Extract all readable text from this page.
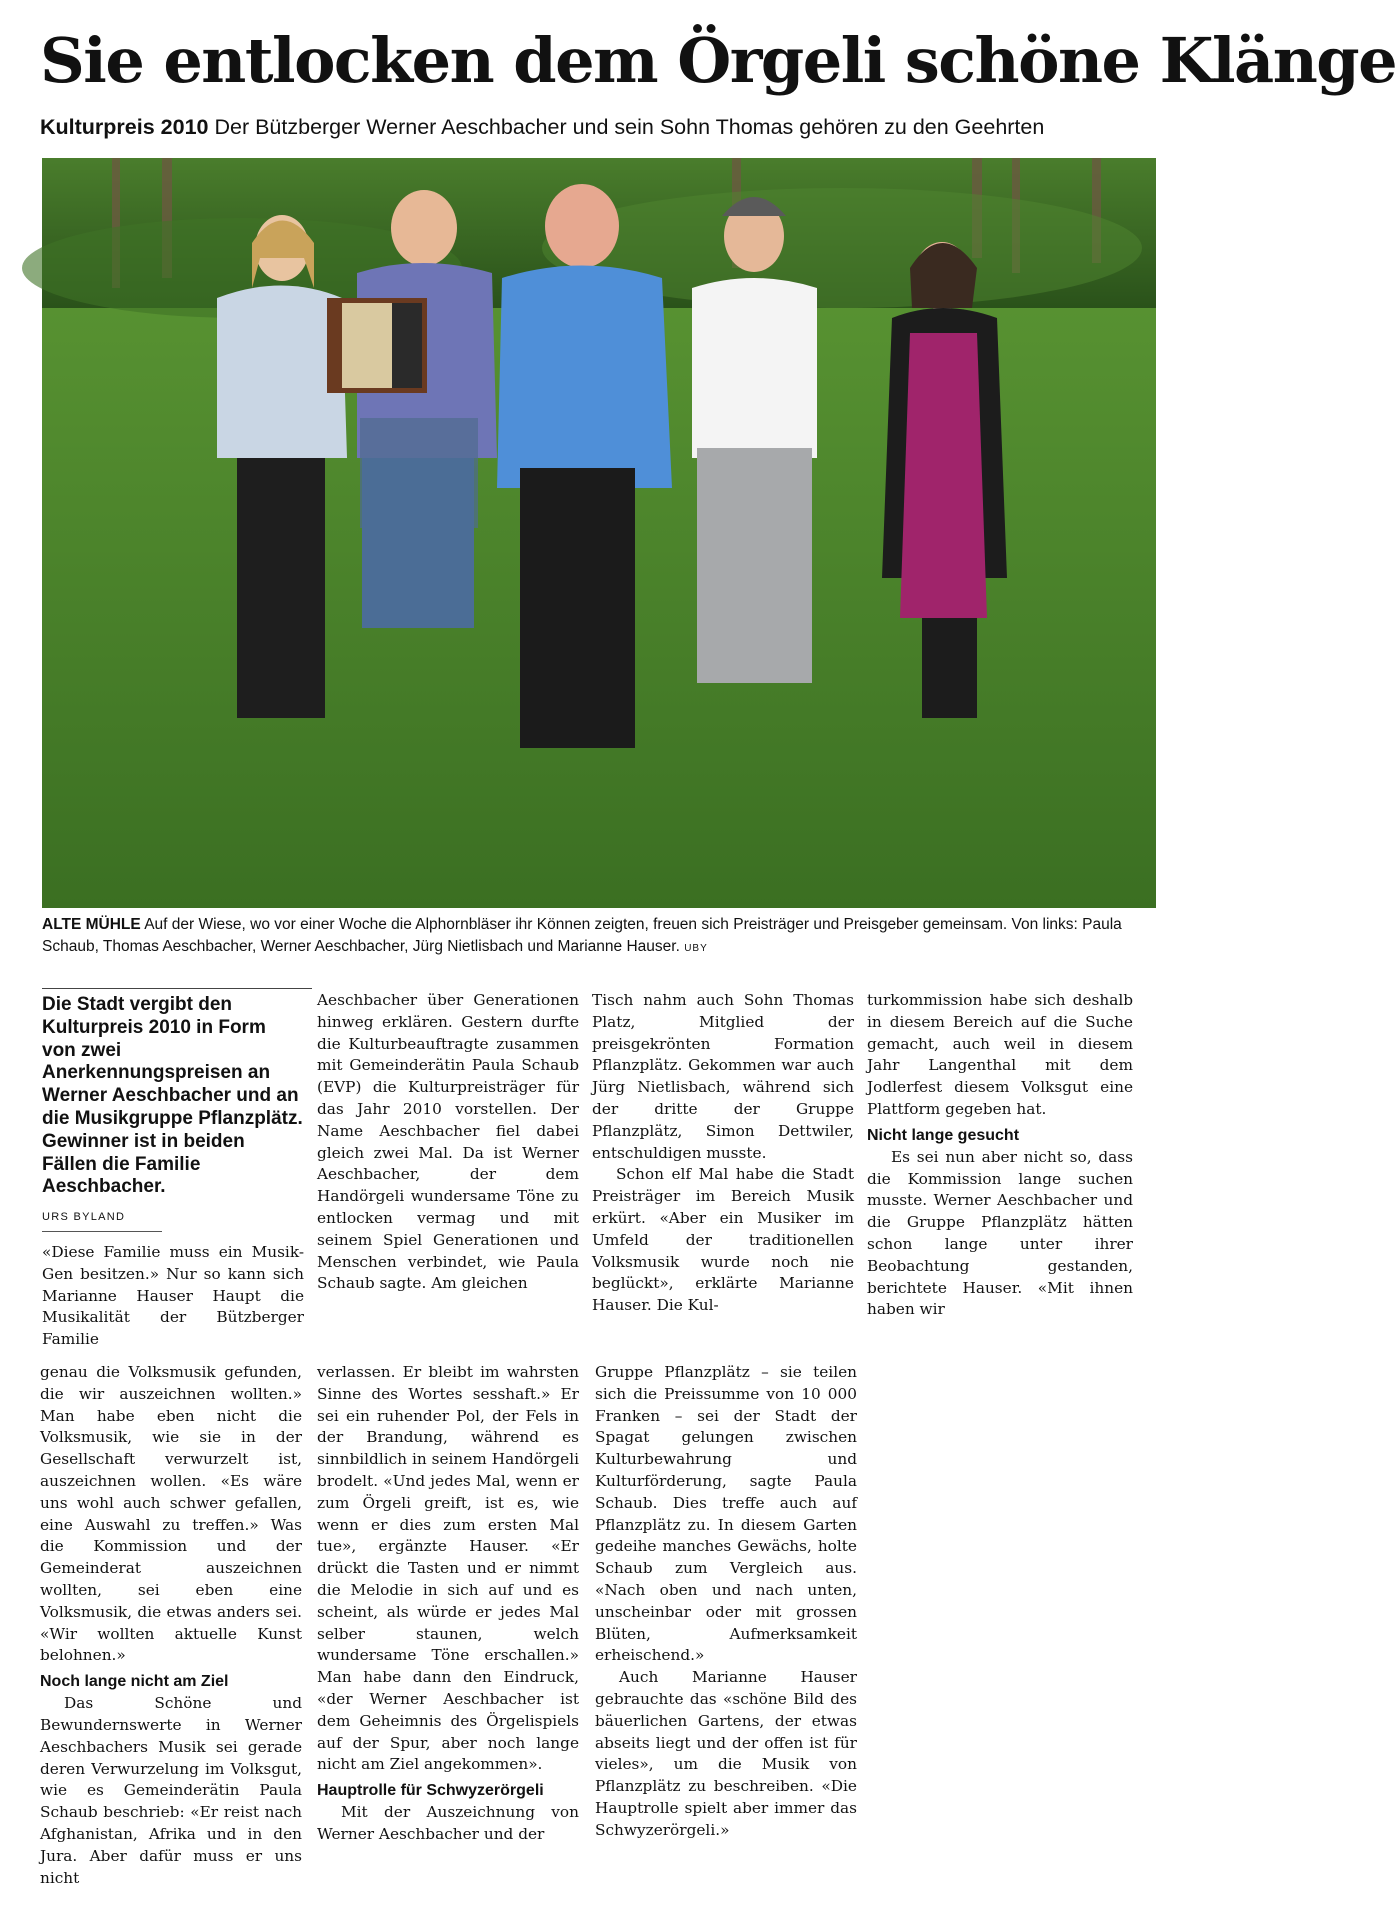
Sie entlocken dem Örgeli schöne Klänge
Kulturpreis 2010 Der Bützberger Werner Aeschbacher und sein Sohn Thomas gehören zu den Geehrten
ALTE MÜHLE Auf der Wiese, wo vor einer Woche die Alphornbläser ihr Können zeigten, freuen sich Preisträger und Preisgeber gemeinsam. Von links: Paula Schaub, Thomas Aeschbacher, Werner Aeschbacher, Jürg Nietlisbach und Marianne Hauser. UBY

Die Stadt vergibt den Kulturpreis 2010 in Form von zwei Anerkennungspreisen an Werner Aeschbacher und an die Musikgruppe Pflanzplätz. Gewinner ist in beiden Fällen die Familie Aeschbacher.

URS BYLAND

«Diese Familie muss ein Musik-Gen besitzen.» Nur so kann sich Marianne Hauser Haupt die Musikalität der Bützberger Familie

Aeschbacher über Generationen hinweg erklären. Gestern durfte die Kulturbeauftragte zusammen mit Gemeinderätin Paula Schaub (EVP) die Kulturpreisträger für das Jahr 2010 vorstellen. Der Name Aeschbacher fiel dabei gleich zwei Mal. Da ist Werner Aeschbacher, der dem Handörgeli wundersame Töne zu entlocken vermag und mit seinem Spiel Generationen und Menschen verbindet, wie Paula Schaub sagte. Am gleichen

Tisch nahm auch Sohn Thomas Platz, Mitglied der preisgekrönten Formation Pflanzplätz. Gekommen war auch Jürg Nietlisbach, während sich der dritte der Gruppe Pflanzplätz, Simon Dettwiler, entschuldigen musste.

Schon elf Mal habe die Stadt Preisträger im Bereich Musik erkürt. «Aber ein Musiker im Umfeld der traditionellen Volksmusik wurde noch nie beglückt», erklärte Marianne Hauser. Die Kul-

turkommission habe sich deshalb in diesem Bereich auf die Suche gemacht, auch weil in diesem Jahr Langenthal mit dem Jodlerfest diesem Volksgut eine Plattform gegeben hat.

Nicht lange gesucht

Es sei nun aber nicht so, dass die Kommission lange suchen musste. Werner Aeschbacher und die Gruppe Pflanzplätz hätten schon lange unter ihrer Beobachtung gestanden, berichtete Hauser. «Mit ihnen haben wir

genau die Volksmusik gefunden, die wir auszeichnen wollten.» Man habe eben nicht die Volksmusik, wie sie in der Gesellschaft verwurzelt ist, auszeichnen wollen. «Es wäre uns wohl auch schwer gefallen, eine Auswahl zu treffen.» Was die Kommission und der Gemeinderat auszeichnen wollten, sei eben eine Volksmusik, die etwas anders sei. «Wir wollten aktuelle Kunst belohnen.»

Noch lange nicht am Ziel

Das Schöne und Bewundernswerte in Werner Aeschbachers Musik sei gerade deren Verwurzelung im Volksgut, wie es Gemeinderätin Paula Schaub beschrieb: «Er reist nach Afghanistan, Afrika und in den Jura. Aber dafür muss er uns nicht

verlassen. Er bleibt im wahrsten Sinne des Wortes sesshaft.» Er sei ein ruhender Pol, der Fels in der Brandung, während es sinnbildlich in seinem Handörgeli brodelt. «Und jedes Mal, wenn er zum Örgeli greift, ist es, wie wenn er dies zum ersten Mal tue», ergänzte Hauser. «Er drückt die Tasten und er nimmt die Melodie in sich auf und es scheint, als würde er jedes Mal selber staunen, welch wundersame Töne erschallen.» Man habe dann den Eindruck, «der Werner Aeschbacher ist dem Geheimnis des Örgelispiels auf der Spur, aber noch lange nicht am Ziel angekommen».

Hauptrolle für Schwyzerörgeli

Mit der Auszeichnung von Werner Aeschbacher und der

Gruppe Pflanzplätz – sie teilen sich die Preissumme von 10 000 Franken – sei der Stadt der Spagat gelungen zwischen Kulturbewahrung und Kulturförderung, sagte Paula Schaub. Dies treffe auch auf Pflanzplätz zu. In diesem Garten gedeihe manches Gewächs, holte Schaub zum Vergleich aus. «Nach oben und nach unten, unscheinbar oder mit grossen Blüten, Aufmerksamkeit erheischend.»

Auch Marianne Hauser gebrauchte das «schöne Bild des bäuerlichen Gartens, der etwas abseits liegt und der offen ist für vieles», um die Musik von Pflanzplätz zu beschreiben. «Die Hauptrolle spielt aber immer das Schwyzerörgeli.»
